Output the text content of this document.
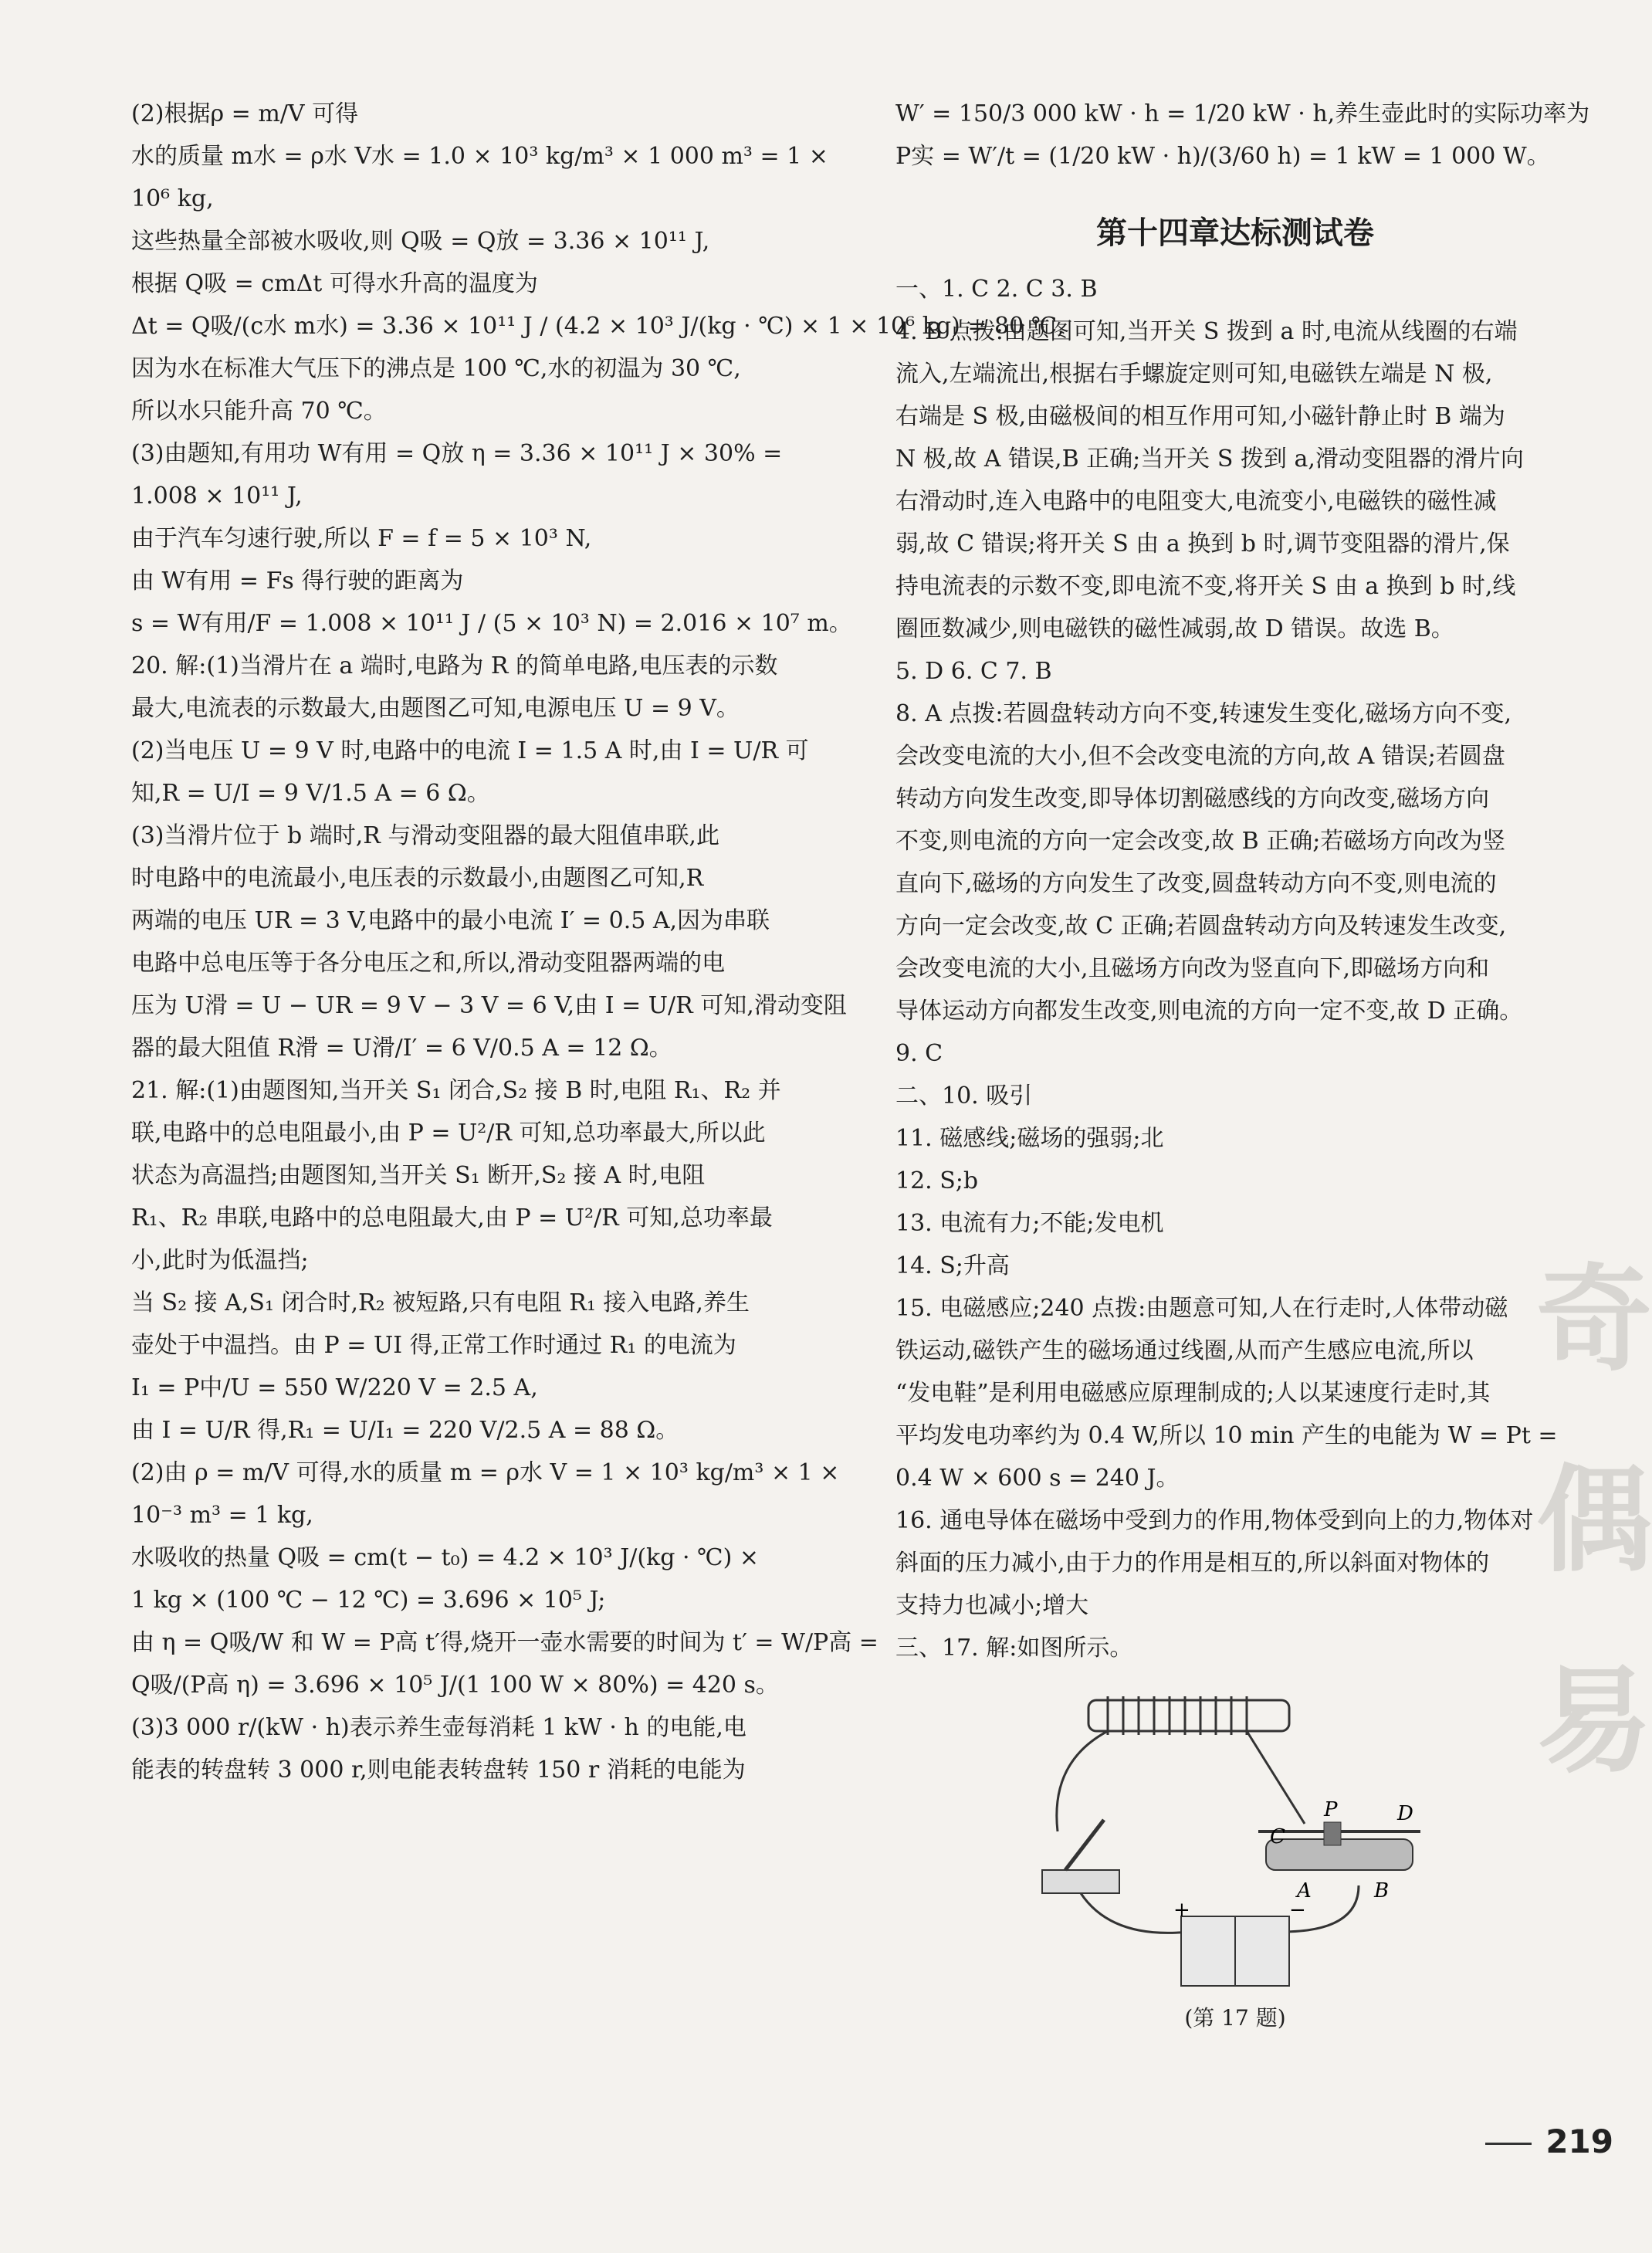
(2)根据ρ = m/V 可得
水的质量 m水 = ρ水 V水 = 1.0 × 10³ kg/m³ × 1 000 m³ = 1 ×
10⁶ kg,
这些热量全部被水吸收,则 Q吸 = Q放 = 3.36 × 10¹¹ J,
根据 Q吸 = cmΔt 可得水升高的温度为
Δt = Q吸/(c水 m水) = 3.36 × 10¹¹ J / (4.2 × 10³ J/(kg · ℃) × 1 × 10⁶ kg) = 80 ℃,
因为水在标准大气压下的沸点是 100 ℃,水的初温为 30 ℃,
所以水只能升高 70 ℃。
(3)由题知,有用功 W有用 = Q放 η = 3.36 × 10¹¹ J × 30% =
1.008 × 10¹¹ J,
由于汽车匀速行驶,所以 F = f = 5 × 10³ N,
由 W有用 = Fs 得行驶的距离为
s = W有用/F = 1.008 × 10¹¹ J / (5 × 10³ N) = 2.016 × 10⁷ m。
20. 解:(1)当滑片在 a 端时,电路为 R 的简单电路,电压表的示数
最大,电流表的示数最大,由题图乙可知,电源电压 U = 9 V。
(2)当电压 U = 9 V 时,电路中的电流 I = 1.5 A 时,由 I = U/R 可
知,R = U/I = 9 V/1.5 A = 6 Ω。
(3)当滑片位于 b 端时,R 与滑动变阻器的最大阻值串联,此
时电路中的电流最小,电压表的示数最小,由题图乙可知,R
两端的电压 UR = 3 V,电路中的最小电流 I′ = 0.5 A,因为串联
电路中总电压等于各分电压之和,所以,滑动变阻器两端的电
压为 U滑 = U − UR = 9 V − 3 V = 6 V,由 I = U/R 可知,滑动变阻
器的最大阻值 R滑 = U滑/I′ = 6 V/0.5 A = 12 Ω。
21. 解:(1)由题图知,当开关 S₁ 闭合,S₂ 接 B 时,电阻 R₁、R₂ 并
联,电路中的总电阻最小,由 P = U²/R 可知,总功率最大,所以此
状态为高温挡;由题图知,当开关 S₁ 断开,S₂ 接 A 时,电阻
R₁、R₂ 串联,电路中的总电阻最大,由 P = U²/R 可知,总功率最
小,此时为低温挡;
当 S₂ 接 A,S₁ 闭合时,R₂ 被短路,只有电阻 R₁ 接入电路,养生
壶处于中温挡。由 P = UI 得,正常工作时通过 R₁ 的电流为
I₁ = P中/U = 550 W/220 V = 2.5 A,
由 I = U/R 得,R₁ = U/I₁ = 220 V/2.5 A = 88 Ω。
(2)由 ρ = m/V 可得,水的质量 m = ρ水 V = 1 × 10³ kg/m³ × 1 ×
10⁻³ m³ = 1 kg,
水吸收的热量 Q吸 = cm(t − t₀) = 4.2 × 10³ J/(kg · ℃) ×
1 kg × (100 ℃ − 12 ℃) = 3.696 × 10⁵ J;
由 η = Q吸/W 和 W = P高 t′得,烧开一壶水需要的时间为 t′ = W/P高 =
Q吸/(P高 η) = 3.696 × 10⁵ J/(1 100 W × 80%) = 420 s。
(3)3 000 r/(kW · h)表示养生壶每消耗 1 kW · h 的电能,电
能表的转盘转 3 000 r,则电能表转盘转 150 r 消耗的电能为
W′ = 150/3 000 kW · h = 1/20 kW · h,养生壶此时的实际功率为
P实 = W′/t = (1/20 kW · h)/(3/60 h) = 1 kW = 1 000 W。
第十四章达标测试卷
一、1. C 2. C 3. B
4. B 点拨:由题图可知,当开关 S 拨到 a 时,电流从线圈的右端
流入,左端流出,根据右手螺旋定则可知,电磁铁左端是 N 极,
右端是 S 极,由磁极间的相互作用可知,小磁针静止时 B 端为
N 极,故 A 错误,B 正确;当开关 S 拨到 a,滑动变阻器的滑片向
右滑动时,连入电路中的电阻变大,电流变小,电磁铁的磁性减
弱,故 C 错误;将开关 S 由 a 换到 b 时,调节变阻器的滑片,保
持电流表的示数不变,即电流不变,将开关 S 由 a 换到 b 时,线
圈匝数减少,则电磁铁的磁性减弱,故 D 错误。故选 B。
5. D 6. C 7. B
8. A 点拨:若圆盘转动方向不变,转速发生变化,磁场方向不变,
会改变电流的大小,但不会改变电流的方向,故 A 错误;若圆盘
转动方向发生改变,即导体切割磁感线的方向改变,磁场方向
不变,则电流的方向一定会改变,故 B 正确;若磁场方向改为竖
直向下,磁场的方向发生了改变,圆盘转动方向不变,则电流的
方向一定会改变,故 C 正确;若圆盘转动方向及转速发生改变,
会改变电流的大小,且磁场方向改为竖直向下,即磁场方向和
导体运动方向都发生改变,则电流的方向一定不变,故 D 正确。
9. C
二、10. 吸引
11. 磁感线;磁场的强弱;北
12. S;b
13. 电流有力;不能;发电机
14. S;升高
15. 电磁感应;240 点拨:由题意可知,人在行走时,人体带动磁
铁运动,磁铁产生的磁场通过线圈,从而产生感应电流,所以
“发电鞋”是利用电磁感应原理制成的;人以某速度行走时,其
平均发电功率约为 0.4 W,所以 10 min 产生的电能为 W = Pt =
0.4 W × 600 s = 240 J。
16. 通电导体在磁场中受到力的作用,物体受到向上的力,物体对
斜面的压力减小,由于力的作用是相互的,所以斜面对物体的
支持力也减小;增大
三、17. 解:如图所示。
C
P	D
A	B
+	−
(第 17 题)
奇
偶
易
219
